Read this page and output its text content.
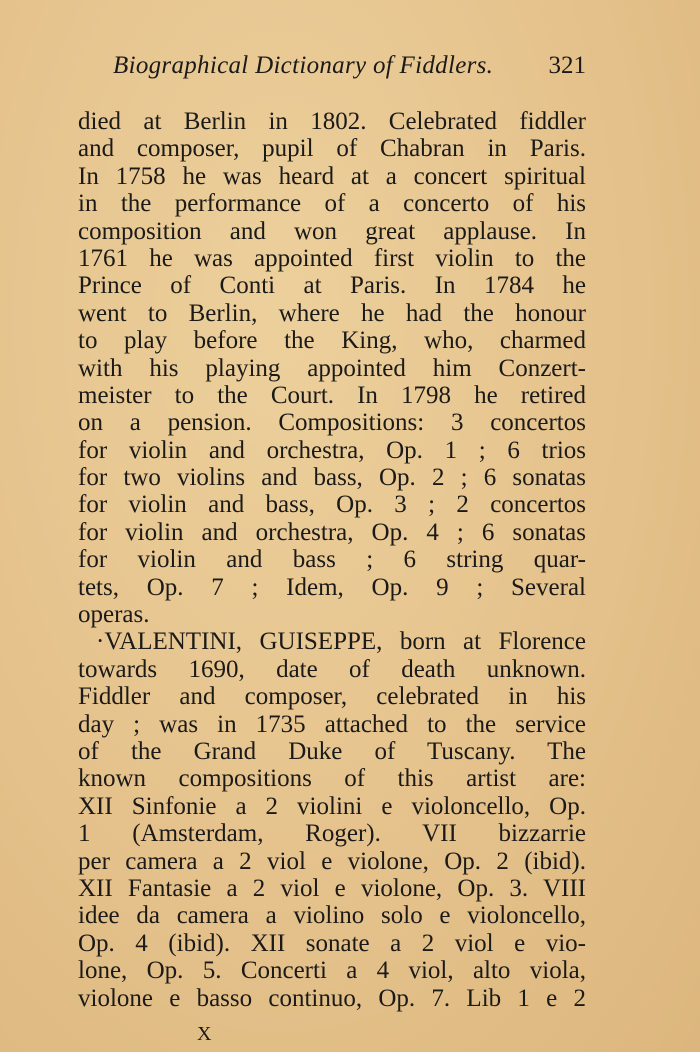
Biographical Dictionary of Fiddlers. 321
died at Berlin in 1802. Celebrated fiddler
and composer, pupil of Chabran in Paris.
In 1758 he was heard at a concert spiritual
in the performance of a concerto of his
composition and won great applause. In
1761 he was appointed first violin to the
Prince of Conti at Paris. In 1784 he
went to Berlin, where he had the honour
to play before the King, who, charmed
with his playing appointed him Conzert-
meister to the Court. In 1798 he retired
on a pension. Compositions: 3 concertos
for violin and orchestra, Op. 1 ; 6 trios
for two violins and bass, Op. 2 ; 6 sonatas
for violin and bass, Op. 3 ; 2 concertos
for violin and orchestra, Op. 4 ; 6 sonatas
for violin and bass ; 6 string quar-
tets, Op. 7 ; Idem, Op. 9 ; Several
operas.
·VALENTINI, GUISEPPE, born at Florence
towards 1690, date of death unknown.
Fiddler and composer, celebrated in his
day ; was in 1735 attached to the service
of the Grand Duke of Tuscany. The
known compositions of this artist are:
XII Sinfonie a 2 violini e violoncello, Op.
1 (Amsterdam, Roger). VII bizzarrie
per camera a 2 viol e violone, Op. 2 (ibid).
XII Fantasie a 2 viol e violone, Op. 3. VIII
idee da camera a violino solo e violoncello,
Op. 4 (ibid). XII sonate a 2 viol e vio-
lone, Op. 5. Concerti a 4 viol, alto viola,
violone e basso continuo, Op. 7. Lib 1 e 2
X
